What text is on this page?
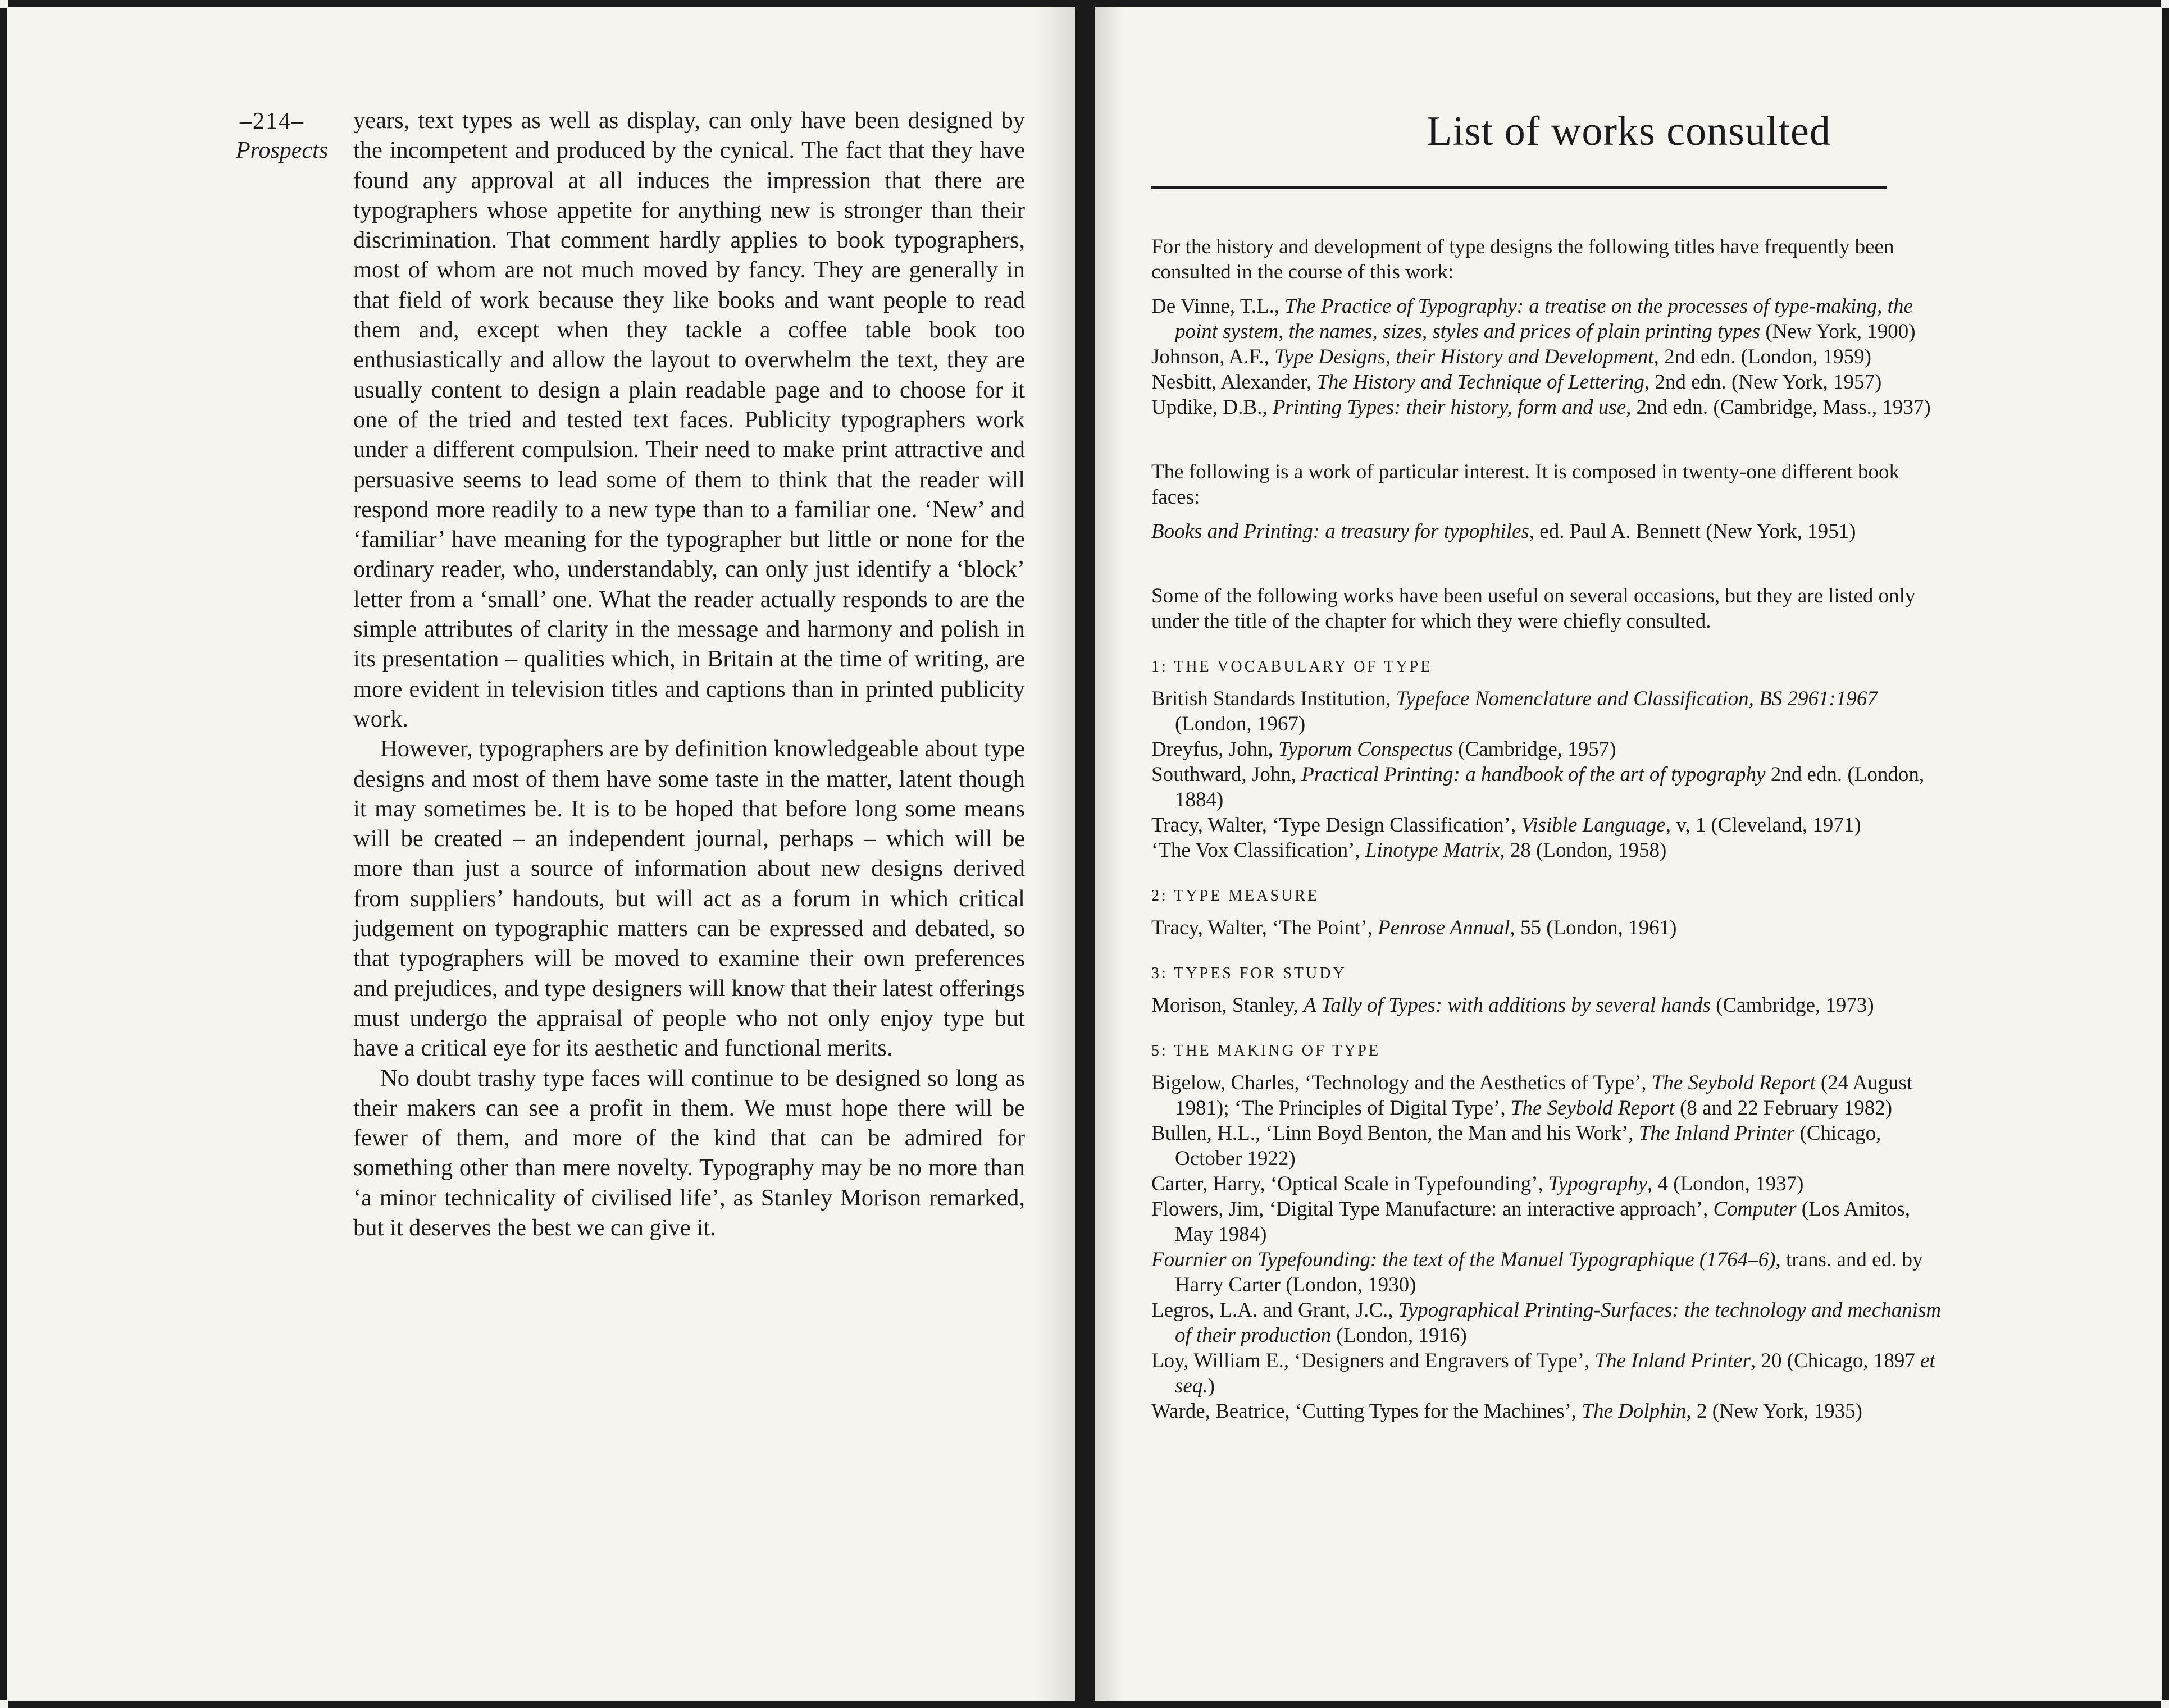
–214–
Prospects

years, text types as well as display, can only have been designed by the incompetent and produced by the cynical. The fact that they have found any approval at all induces the impression that there are typographers whose appetite for anything new is stronger than their discrimination. That comment hardly applies to book typographers, most of whom are not much moved by fancy. They are generally in that field of work because they like books and want people to read them and, except when they tackle a coffee table book too enthusiastically and allow the layout to overwhelm the text, they are usually content to design a plain readable page and to choose for it one of the tried and tested text faces. Publicity typographers work under a different compulsion. Their need to make print attractive and persuasive seems to lead some of them to think that the reader will respond more readily to a new type than to a familiar one. ‘New’ and ‘familiar’ have meaning for the typographer but little or none for the ordinary reader, who, understandably, can only just identify a ‘block’ letter from a ‘small’ one. What the reader actually responds to are the simple attributes of clarity in the message and harmony and polish in its presentation – qualities which, in Britain at the time of writing, are more evident in television titles and captions than in printed publicity work.

However, typographers are by definition knowledgeable about type designs and most of them have some taste in the matter, latent though it may sometimes be. It is to be hoped that before long some means will be created – an independent journal, perhaps – which will be more than just a source of information about new designs derived from suppliers’ handouts, but will act as a forum in which critical judgement on typographic matters can be expressed and debated, so that typographers will be moved to examine their own preferences and prejudices, and type designers will know that their latest offerings must undergo the appraisal of people who not only enjoy type but have a critical eye for its aesthetic and functional merits.

No doubt trashy type faces will continue to be designed so long as their makers can see a profit in them. We must hope there will be fewer of them, and more of the kind that can be admired for something other than mere novelty. Typography may be no more than ‘a minor technicality of civilised life’, as Stanley Morison remarked, but it deserves the best we can give it.

List of works consulted

For the history and development of type designs the following titles have frequently been consulted in the course of this work:

De Vinne, T.L., The Practice of Typography: a treatise on the processes of type-making, the point system, the names, sizes, styles and prices of plain printing types (New York, 1900)

Johnson, A.F., Type Designs, their History and Development, 2nd edn. (London, 1959)

Nesbitt, Alexander, The History and Technique of Lettering, 2nd edn. (New York, 1957)

Updike, D.B., Printing Types: their history, form and use, 2nd edn. (Cambridge, Mass., 1937)

The following is a work of particular interest. It is composed in twenty-one different book faces:

Books and Printing: a treasury for typophiles, ed. Paul A. Bennett (New York, 1951)

Some of the following works have been useful on several occasions, but they are listed only under the title of the chapter for which they were chiefly consulted.

1: THE VOCABULARY OF TYPE

British Standards Institution, Typeface Nomenclature and Classification, BS 2961:1967 (London, 1967)

Dreyfus, John, Typorum Conspectus (Cambridge, 1957)

Southward, John, Practical Printing: a handbook of the art of typography 2nd edn. (London, 1884)

Tracy, Walter, ‘Type Design Classification’, Visible Language, v, 1 (Cleveland, 1971)

‘The Vox Classification’, Linotype Matrix, 28 (London, 1958)

2: TYPE MEASURE

Tracy, Walter, ‘The Point’, Penrose Annual, 55 (London, 1961)

3: TYPES FOR STUDY

Morison, Stanley, A Tally of Types: with additions by several hands (Cambridge, 1973)

5: THE MAKING OF TYPE

Bigelow, Charles, ‘Technology and the Aesthetics of Type’, The Seybold Report (24 August 1981); ‘The Principles of Digital Type’, The Seybold Report (8 and 22 February 1982)

Bullen, H.L., ‘Linn Boyd Benton, the Man and his Work’, The Inland Printer (Chicago, October 1922)

Carter, Harry, ‘Optical Scale in Typefounding’, Typography, 4 (London, 1937)

Flowers, Jim, ‘Digital Type Manufacture: an interactive approach’, Computer (Los Amitos, May 1984)

Fournier on Typefounding: the text of the Manuel Typographique (1764–6), trans. and ed. by Harry Carter (London, 1930)

Legros, L.A. and Grant, J.C., Typographical Printing-Surfaces: the technology and mechanism of their production (London, 1916)

Loy, William E., ‘Designers and Engravers of Type’, The Inland Printer, 20 (Chicago, 1897 et seq.)

Warde, Beatrice, ‘Cutting Types for the Machines’, The Dolphin, 2 (New York, 1935)
